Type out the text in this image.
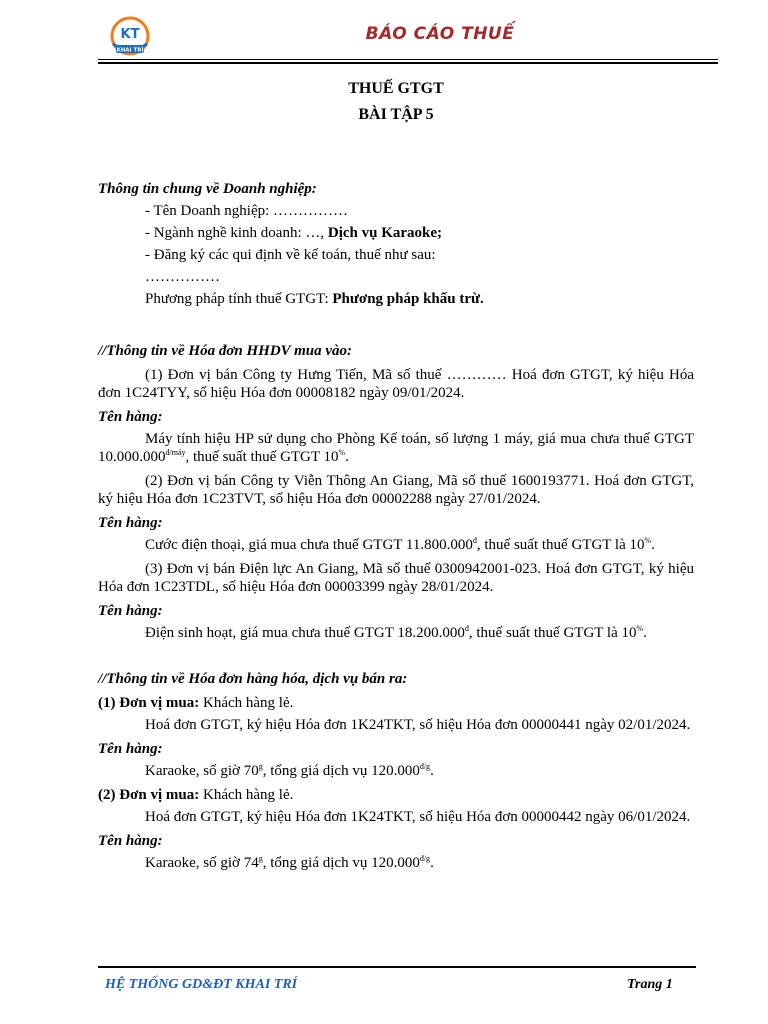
KT
KHAI TRÍ
BÁO CÁO THUẾ
THUẾ GTGT
BÀI TẬP 5
Thông tin chung về Doanh nghiệp:
- Tên Doanh nghiệp: ……………
- Ngành nghề kinh doanh: …, Dịch vụ Karaoke;
- Đăng ký các qui định về kế toán, thuế như sau:
……………
Phương pháp tính thuế GTGT: Phương pháp khấu trừ.
//Thông tin về Hóa đơn HHDV mua vào:
(1) Đơn vị bán Công ty Hưng Tiến, Mã số thuế ………… Hoá đơn GTGT, ký hiệu Hóa đơn 1C24TYY, số hiệu Hóa đơn 00008182 ngày 09/01/2024.
Tên hàng:
Máy tính hiệu HP sử dụng cho Phòng Kế toán, số lượng 1 máy, giá mua chưa thuế GTGT $10.000.000^{đ/máy}$, thuế suất thuế GTGT 10%.
(2) Đơn vị bán Công ty Viễn Thông An Giang, Mã số thuế 1600193771. Hoá đơn GTGT, ký hiệu Hóa đơn 1C23TVT, số hiệu Hóa đơn 00002288 ngày 27/01/2024.
Tên hàng:
Cước điện thoại, giá mua chưa thuế GTGT $11.800.000^đ$, thuế suất thuế GTGT là 10%.
(3) Đơn vị bán Điện lực An Giang, Mã số thuế 0300942001-023. Hoá đơn GTGT, ký hiệu Hóa đơn 1C23TDL, số hiệu Hóa đơn 00003399 ngày 28/01/2024.
Tên hàng:
Điện sinh hoạt, giá mua chưa thuế GTGT $18.200.000^đ$, thuế suất thuế GTGT là 10%.
//Thông tin về Hóa đơn hàng hóa, dịch vụ bán ra:
(1) Đơn vị mua: Khách hàng lẻ.
Hoá đơn GTGT, ký hiệu Hóa đơn 1K24TKT, số hiệu Hóa đơn 00000441 ngày 02/01/2024.
Tên hàng:
Karaoke, số giờ 70$^g$, tổng giá dịch vụ $120.000^{đ/g}$.
(2) Đơn vị mua: Khách hàng lẻ.
Hoá đơn GTGT, ký hiệu Hóa đơn 1K24TKT, số hiệu Hóa đơn 00000442 ngày 06/01/2024.
Tên hàng:
Karaoke, số giờ 74$^g$, tổng giá dịch vụ $120.000^{đ/g}$.
HỆ THỐNG GD&ĐT KHAI TRÍ	Trang 1
